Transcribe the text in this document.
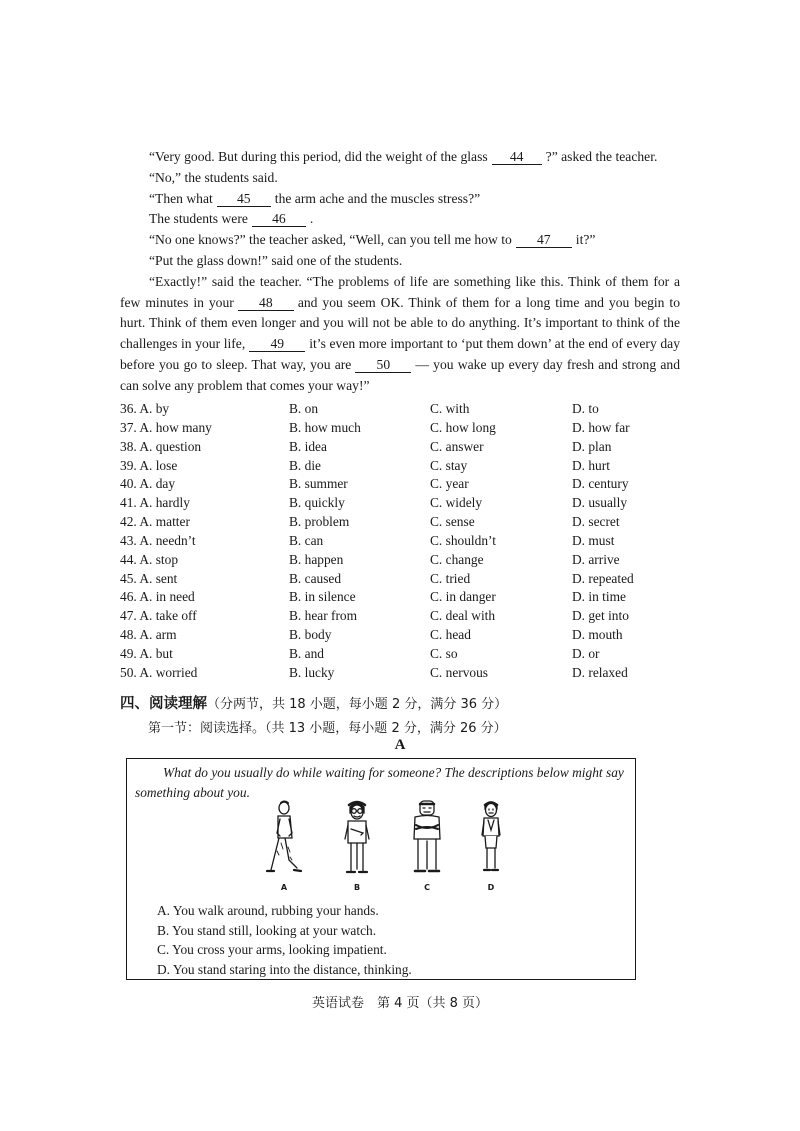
“Very good. But during this period, did the weight of the glass 44 ?” asked the teacher.

“No,” the students said.

“Then what 45 the arm ache and the muscles stress?”

The students were 46 .

“No one knows?” the teacher asked, “Well, can you tell me how to 47 it?”

“Put the glass down!” said one of the students.

“Exactly!” said the teacher. “The problems of life are something like this. Think of them for a few minutes in your 48 and you seem OK. Think of them for a long time and you begin to hurt. Think of them even longer and you will not be able to do anything. It’s important to think of the challenges in your life, 49 it’s even more important to ‘put them down’ at the end of every day before you go to sleep. That way, you are 50 — you wake up every day fresh and strong and can solve any problem that comes your way!”

36. A. by	B. on	C. with	D. to
37. A. how many	B. how much	C. how long	D. how far
38. A. question	B. idea	C. answer	D. plan
39. A. lose	B. die	C. stay	D. hurt
40. A. day	B. summer	C. year	D. century
41. A. hardly	B. quickly	C. widely	D. usually
42. A. matter	B. problem	C. sense	D. secret
43. A. needn’t	B. can	C. shouldn’t	D. must
44. A. stop	B. happen	C. change	D. arrive
45. A. sent	B. caused	C. tried	D. repeated
46. A. in need	B. in silence	C. in danger	D. in time
47. A. take off	B. hear from	C. deal with	D. get into
48. A. arm	B. body	C. head	D. mouth
49. A. but	B. and	C. so	D. or
50. A. worried	B. lucky	C. nervous	D. relaxed
四、阅读理解（分两节，共 18 小题，每小题 2 分，满分 36 分）
第一节：阅读选择。（共 13 小题，每小题 2 分，满分 26 分）
A
What do you usually do while waiting for someone? The descriptions below might say something about you.
A	B	C	D
A. You walk around, rubbing your hands.
B. You stand still, looking at your watch.
C. You cross your arms, looking impatient.
D. You stand staring into the distance, thinking.
英语试卷　第 4 页（共 8 页）
